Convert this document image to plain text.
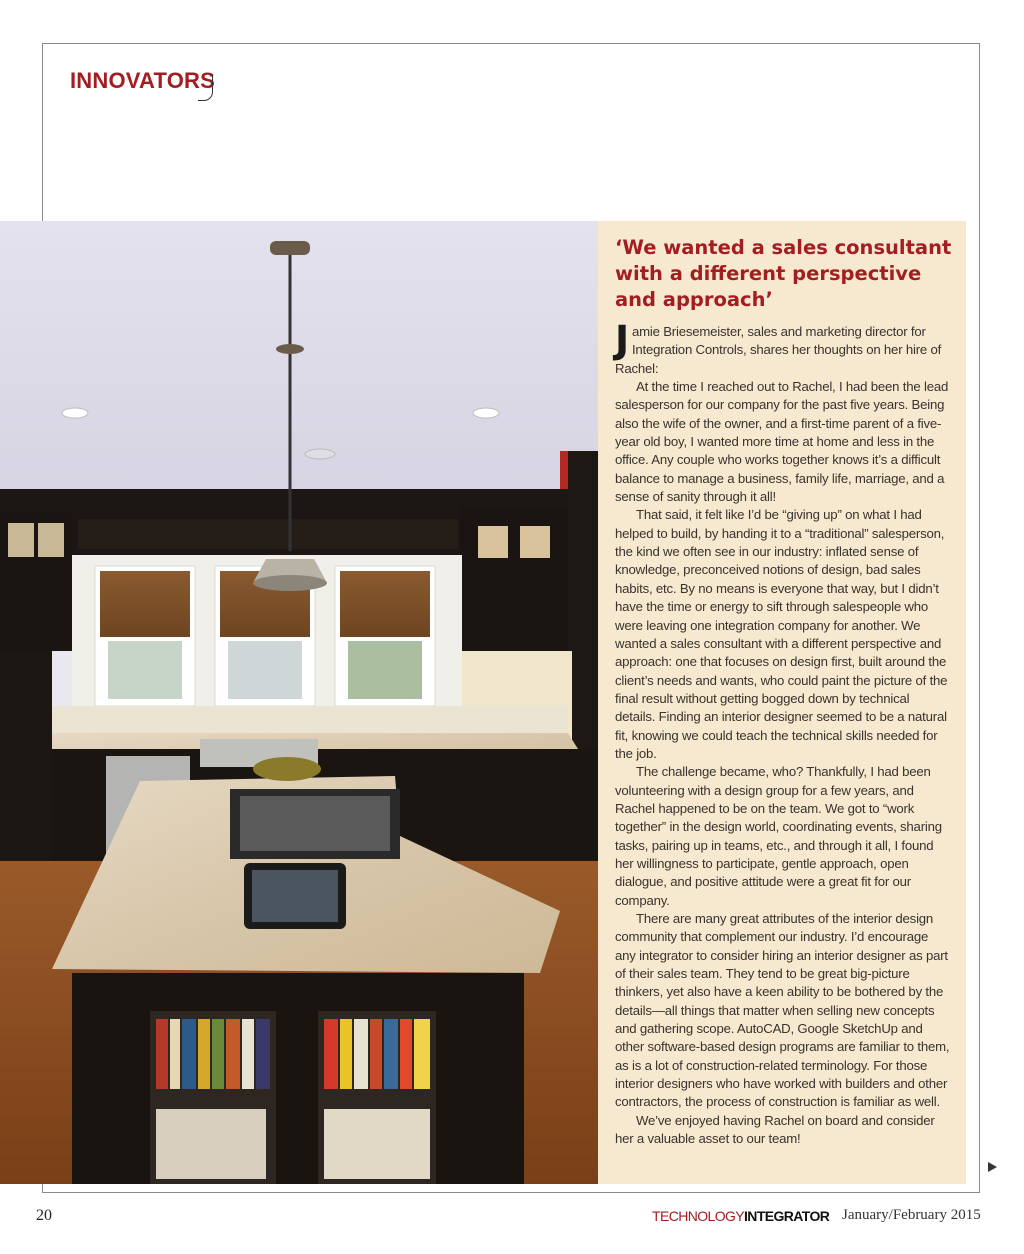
INNOVATORS
‘We wanted a sales consultant with a different perspective and approach’

Jamie Briesemeister, sales and marketing director for Integration Controls, shares her thoughts on her hire of Rachel:

At the time I reached out to Rachel, I had been the lead salesperson for our company for the past five years. Being also the wife of the owner, and a first-time parent of a five-year old boy, I wanted more time at home and less in the office. Any couple who works together knows it’s a difficult balance to manage a business, family life, marriage, and a sense of sanity through it all!

That said, it felt like I’d be “giving up” on what I had helped to build, by handing it to a “traditional” salesperson, the kind we often see in our industry: inflated sense of knowledge, preconceived notions of design, bad sales habits, etc. By no means is everyone that way, but I didn’t have the time or energy to sift through salespeople who were leaving one integration company for another. We wanted a sales consultant with a different perspective and approach: one that focuses on design first, built around the client’s needs and wants, who could paint the picture of the final result without getting bogged down by technical details. Finding an interior designer seemed to be a natural fit, knowing we could teach the technical skills needed for the job.

The challenge became, who? Thankfully, I had been volunteering with a design group for a few years, and Rachel happened to be on the team. We got to “work together” in the design world, coordinating events, sharing tasks, pairing up in teams, etc., and through it all, I found her willingness to participate, gentle approach, open dialogue, and positive attitude were a great fit for our company.

There are many great attributes of the interior design community that complement our industry. I’d encourage any integrator to consider hiring an interior designer as part of their sales team. They tend to be great big-picture thinkers, yet also have a keen ability to be bothered by the details—all things that matter when selling new concepts and gathering scope. AutoCAD, Google SketchUp and other software-based design programs are familiar to them, as is a lot of construction-related terminology. For those interior designers who have worked with builders and other contractors, the process of construction is familiar as well.

We’ve enjoyed having Rachel on board and consider her a valuable asset to our team!

20	TECHNOLOGYINTEGRATOR January/February 2015
